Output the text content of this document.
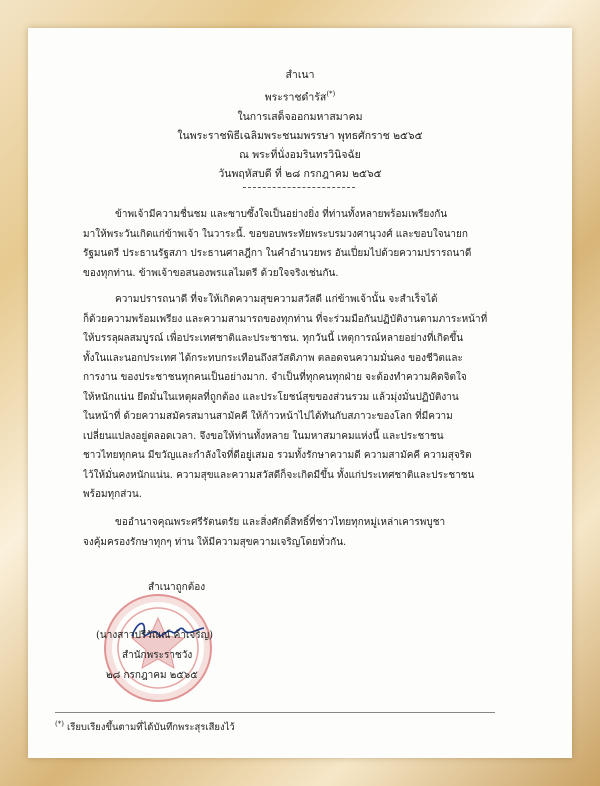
สำเนา
พระราชดำรัส(*)
ในการเสด็จออกมหาสมาคม
ในพระราชพิธีเฉลิมพระชนมพรรษา พุทธศักราช ๒๕๖๕
ณ พระที่นั่งอมรินทรวินิจฉัย
วันพฤหัสบดี ที่ ๒๘ กรกฎาคม ๒๕๖๕
ข้าพเจ้ามีความชื่นชม และซาบซึ้งใจเป็นอย่างยิ่ง ที่ท่านทั้งหลายพร้อมเพรียงกัน
มาให้พระวันเกิดแก่ข้าพเจ้า ในวาระนี้. ขอขอบพระทัยพระบรมวงศานุวงศ์ และขอบใจนายก
รัฐมนตรี ประธานรัฐสภา ประธานศาลฎีกา ในคำอำนวยพร อันเปี่ยมไปด้วยความปรารถนาดี
ของทุกท่าน. ข้าพเจ้าขอสนองพรแลไมตรี ด้วยใจจริงเช่นกัน.
ความปรารถนาดี ที่จะให้เกิดความสุขความสวัสดี แก่ข้าพเจ้านั้น จะสำเร็จได้
ก็ด้วยความพร้อมเพรียง และความสามารถของทุกท่าน ที่จะร่วมมือกันปฏิบัติงานตามภาระหน้าที่
ให้บรรลุผลสมบูรณ์ เพื่อประเทศชาติและประชาชน. ทุกวันนี้ เหตุการณ์หลายอย่างที่เกิดขึ้น
ทั้งในและนอกประเทศ ได้กระทบกระเทือนถึงสวัสดิภาพ ตลอดจนความมั่นคง ของชีวิตและ
การงาน ของประชาชนทุกคนเป็นอย่างมาก. จำเป็นที่ทุกคนทุกฝ่าย จะต้องทำความคิดจิตใจ
ให้หนักแน่น ยึดมั่นในเหตุผลที่ถูกต้อง และประโยชน์สุขของส่วนรวม แล้วมุ่งมั่นปฏิบัติงาน
ในหน้าที่ ด้วยความสมัครสมานสามัคคี ให้ก้าวหน้าไปได้ทันกับสภาวะของโลก ที่มีความ
เปลี่ยนแปลงอยู่ตลอดเวลา. จึงขอให้ท่านทั้งหลาย ในมหาสมาคมแห่งนี้ และประชาชน
ชาวไทยทุกคน มีขวัญและกำลังใจที่ดีอยู่เสมอ รวมทั้งรักษาความดี ความสามัคคี ความสุจริต
ไว้ให้มั่นคงหนักแน่น. ความสุขและความสวัสดีก็จะเกิดมีขึ้น ทั้งแก่ประเทศชาติและประชาชน
พร้อมทุกส่วน.
ขออำนาจคุณพระศรีรัตนตรัย และสิ่งศักดิ์สิทธิ์ที่ชาวไทยทุกหมู่เหล่าเคารพบูชา
จงคุ้มครองรักษาทุกๆ ท่าน ให้มีความสุขความเจริญโดยทั่วกัน.
สำเนาถูกต้อง
(นางสาวปรีวัณณ์ ค้าเจริญ)
สำนักพระราชวัง
๒๘ กรกฎาคม ๒๕๖๕
(*) เรียบเรียงขึ้นตามที่ได้บันทึกพระสุรเสียงไว้
